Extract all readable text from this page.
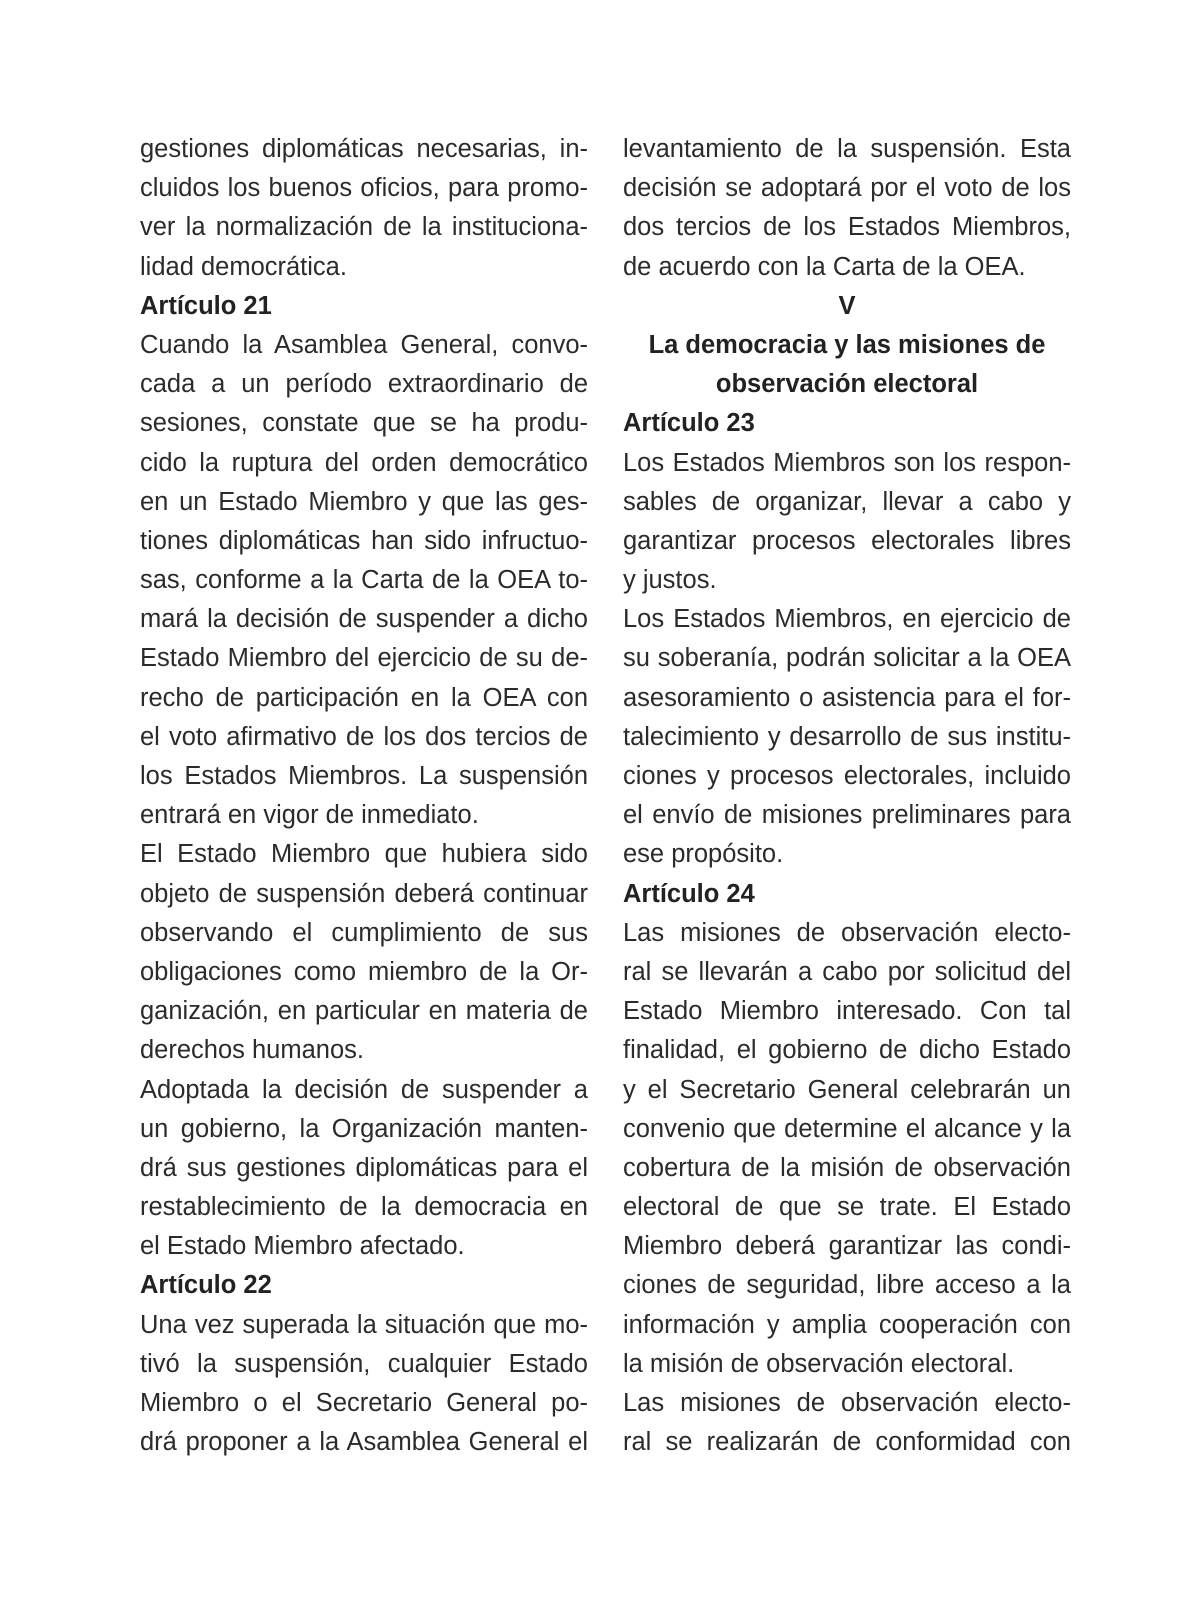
gestiones diplomáticas necesarias, in-
cluidos los buenos oficios, para promo-
ver la normalización de la instituciona-
lidad democrática.
Artículo 21
Cuando la Asamblea General, convo-
cada a un período extraordinario de
sesiones, constate que se ha produ-
cido la ruptura del orden democrático
en un Estado Miembro y que las ges-
tiones diplomáticas han sido infructuo-
sas, conforme a la Carta de la OEA to-
mará la decisión de suspender a dicho
Estado Miembro del ejercicio de su de-
recho de participación en la OEA con
el voto afirmativo de los dos tercios de
los Estados Miembros. La suspensión
entrará en vigor de inmediato.
El Estado Miembro que hubiera sido
objeto de suspensión deberá continuar
observando el cumplimiento de sus
obligaciones como miembro de la Or-
ganización, en particular en materia de
derechos humanos.
Adoptada la decisión de suspender a
un gobierno, la Organización manten-
drá sus gestiones diplomáticas para el
restablecimiento de la democracia en
el Estado Miembro afectado.
Artículo 22
Una vez superada la situación que mo-
tivó la suspensión, cualquier Estado
Miembro o el Secretario General po-
drá proponer a la Asamblea General el
levantamiento de la suspensión. Esta
decisión se adoptará por el voto de los
dos tercios de los Estados Miembros,
de acuerdo con la Carta de la OEA.
V
La democracia y las misiones de
observación electoral
Artículo 23
Los Estados Miembros son los respon-
sables de organizar, llevar a cabo y
garantizar procesos electorales libres
y justos.
Los Estados Miembros, en ejercicio de
su soberanía, podrán solicitar a la OEA
asesoramiento o asistencia para el for-
talecimiento y desarrollo de sus institu-
ciones y procesos electorales, incluido
el envío de misiones preliminares para
ese propósito.
Artículo 24
Las misiones de observación electo-
ral se llevarán a cabo por solicitud del
Estado Miembro interesado. Con tal
finalidad, el gobierno de dicho Estado
y el Secretario General celebrarán un
convenio que determine el alcance y la
cobertura de la misión de observación
electoral de que se trate. El Estado
Miembro deberá garantizar las condi-
ciones de seguridad, libre acceso a la
información y amplia cooperación con
la misión de observación electoral.
Las misiones de observación electo-
ral se realizarán de conformidad con
